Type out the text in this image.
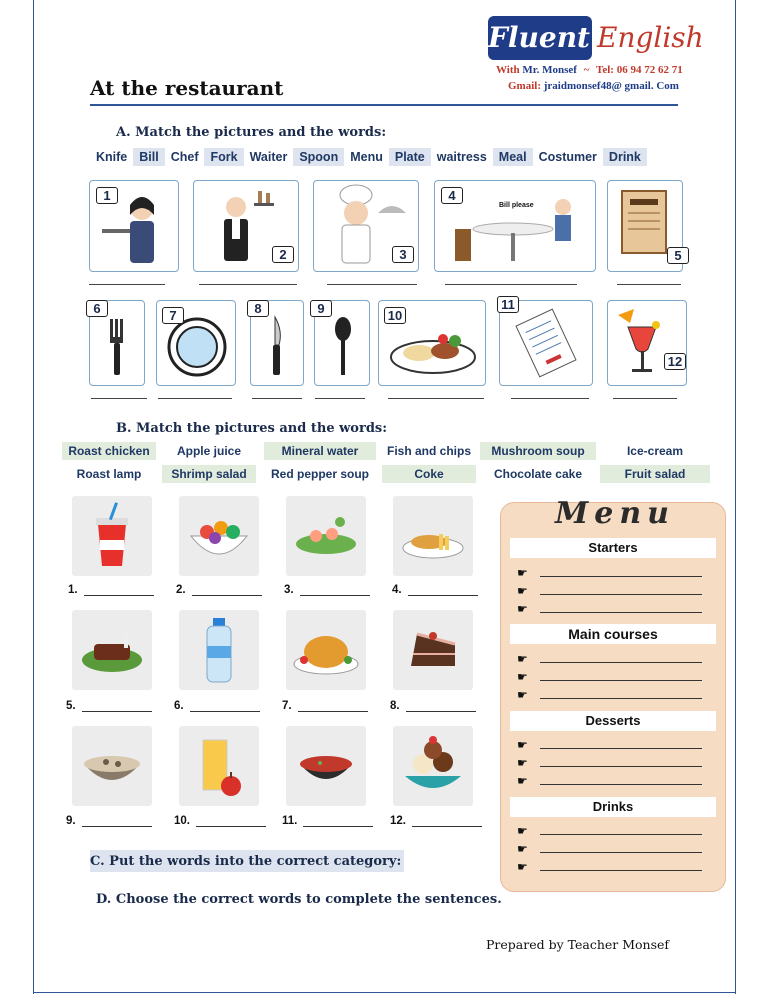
Fluent.
English
With Mr. Monsef ~ Tel: 06 94 72 62 71
Gmail: jraidmonsef48@ gmail. Com
At the restaurant
A. Match the pictures and the words:
Knife Bill Chef Fork Waiter Spoon Menu Plate waitress Meal Costumer Drink
1
2	3
Bill please
4
5
6	7	8	9	10
11
12
B. Match the pictures and the words:
Roast chicken	Apple juice	Mineral water	Fish and chips	Mushroom soup	Ice-cream
Roast lamp	Shrimp salad	Red pepper soup	Coke	Chocolate cake	Fruit salad
1.	2.	3.	4.
5.	6.	7.	8.
9.	10.	11.	12.
Menu
Starters
☛
☛
☛
Main courses
☛
☛
☛
Desserts
☛
☛
☛
Drinks
☛
☛
☛
C. Put the words into the correct category:
D. Choose the correct words to complete the sentences.
Prepared by Teacher Monsef
